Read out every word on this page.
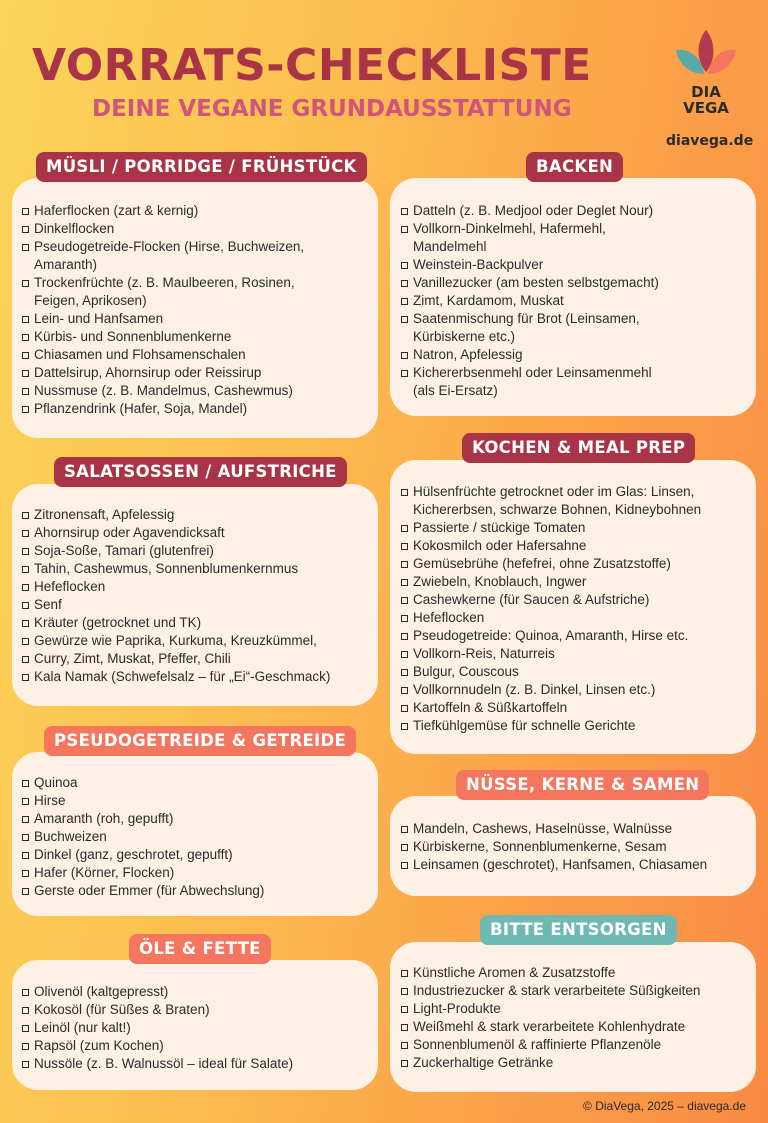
VORRATS-CHECKLISTE
DEINE VEGANE GRUNDAUSSTATTUNG
DIA
VEGA
diavega.de
MÜSLI / PORRIDGE / FRÜHSTÜCK
Haferflocken (zart & kernig)
Dinkelflocken
Pseudogetreide-Flocken (Hirse, Buchweizen,
Amaranth)
Trockenfrüchte (z. B. Maulbeeren, Rosinen,
Feigen, Aprikosen)
Lein- und Hanfsamen
Kürbis- und Sonnenblumenkerne
Chiasamen und Flohsamenschalen
Dattelsirup, Ahornsirup oder Reissirup
Nussmuse (z. B. Mandelmus, Cashewmus)
Pflanzendrink (Hafer, Soja, Mandel)
BACKEN
Datteln (z. B. Medjool oder Deglet Nour)
Vollkorn-Dinkelmehl, Hafermehl,
Mandelmehl
Weinstein-Backpulver
Vanillezucker (am besten selbstgemacht)
Zimt, Kardamom, Muskat
Saatenmischung für Brot (Leinsamen,
Kürbiskerne etc.)
Natron, Apfelessig
Kichererbsenmehl oder Leinsamenmehl
(als Ei-Ersatz)
SALATSOSSEN / AUFSTRICHE
Zitronensaft, Apfelessig
Ahornsirup oder Agavendicksaft
Soja-Soße, Tamari (glutenfrei)
Tahin, Cashewmus, Sonnenblumenkernmus
Hefeflocken
Senf
Kräuter (getrocknet und TK)
Gewürze wie Paprika, Kurkuma, Kreuzkümmel,
Curry, Zimt, Muskat, Pfeffer, Chili
Kala Namak (Schwefelsalz – für „Ei“-Geschmack)
KOCHEN & MEAL PREP
Hülsenfrüchte getrocknet oder im Glas: Linsen,
Kichererbsen, schwarze Bohnen, Kidneybohnen
Passierte / stückige Tomaten
Kokosmilch oder Hafersahne
Gemüsebrühe (hefefrei, ohne Zusatzstoffe)
Zwiebeln, Knoblauch, Ingwer
Cashewkerne (für Saucen & Aufstriche)
Hefeflocken
Pseudogetreide: Quinoa, Amaranth, Hirse etc.
Vollkorn-Reis, Naturreis
Bulgur, Couscous
Vollkornnudeln (z. B. Dinkel, Linsen etc.)
Kartoffeln & Süßkartoffeln
Tiefkühlgemüse für schnelle Gerichte
PSEUDOGETREIDE & GETREIDE
Quinoa
Hirse
Amaranth (roh, gepufft)
Buchweizen
Dinkel (ganz, geschrotet, gepufft)
Hafer (Körner, Flocken)
Gerste oder Emmer (für Abwechslung)
NÜSSE, KERNE & SAMEN
Mandeln, Cashews, Haselnüsse, Walnüsse
Kürbiskerne, Sonnenblumenkerne, Sesam
Leinsamen (geschrotet), Hanfsamen, Chiasamen
ÖLE & FETTE
Olivenöl (kaltgepresst)
Kokosöl (für Süßes & Braten)
Leinöl (nur kalt!)
Rapsöl (zum Kochen)
Nussöle (z. B. Walnussöl – ideal für Salate)
BITTE ENTSORGEN
Künstliche Aromen & Zusatzstoffe
Industriezucker & stark verarbeitete Süßigkeiten
Light-Produkte
Weißmehl & stark verarbeitete Kohlenhydrate
Sonnenblumenöl & raffinierte Pflanzenöle
Zuckerhaltige Getränke
© DiaVega, 2025 – diavega.de
